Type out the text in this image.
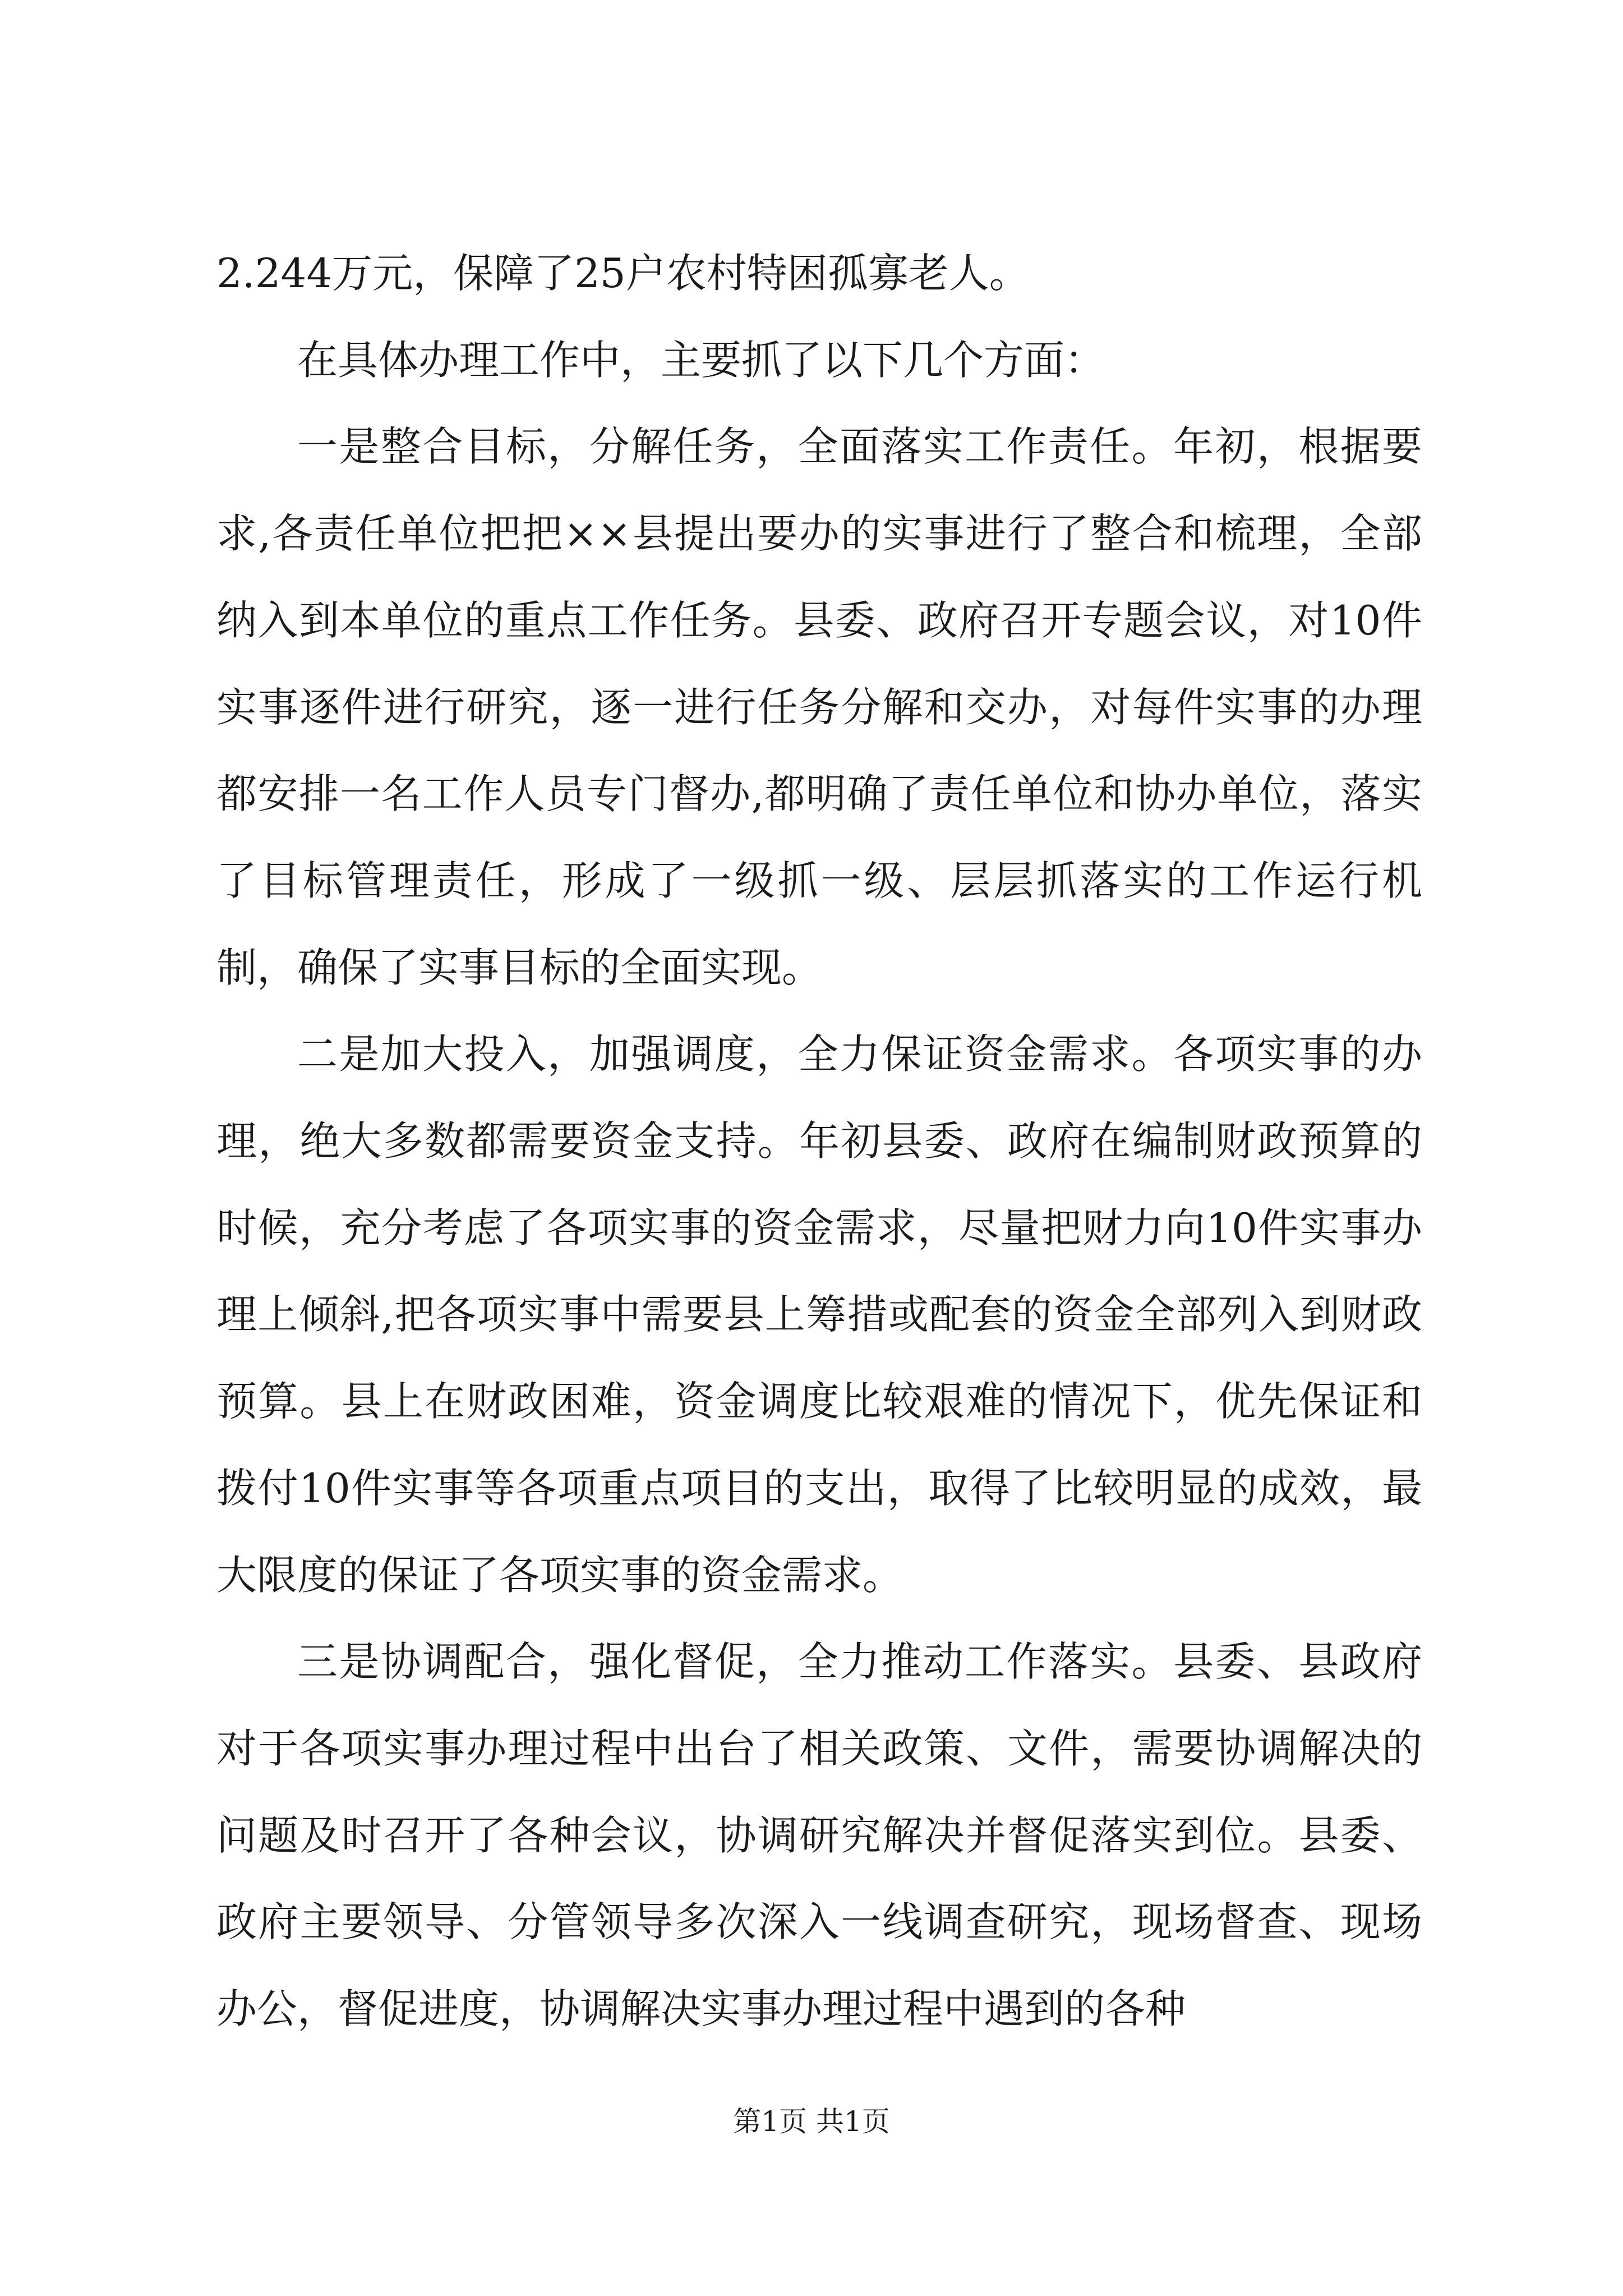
2.244万元，保障了25户农村特困孤寡老人。

在具体办理工作中，主要抓了以下几个方面：

一是整合目标，分解任务，全面落实工作责任。年初，根据要求,各责任单位把把××县提出要办的实事进行了整合和梳理，全部纳入到本单位的重点工作任务。县委、政府召开专题会议，对10件实事逐件进行研究，逐一进行任务分解和交办，对每件实事的办理都安排一名工作人员专门督办,都明确了责任单位和协办单位，落实了目标管理责任，形成了一级抓一级、层层抓落实的工作运行机制，确保了实事目标的全面实现。

二是加大投入，加强调度，全力保证资金需求。各项实事的办理，绝大多数都需要资金支持。年初县委、政府在编制财政预算的时候，充分考虑了各项实事的资金需求，尽量把财力向10件实事办理上倾斜,把各项实事中需要县上筹措或配套的资金全部列入到财政预算。县上在财政困难，资金调度比较艰难的情况下，优先保证和拨付10件实事等各项重点项目的支出，取得了比较明显的成效，最大限度的保证了各项实事的资金需求。

三是协调配合，强化督促，全力推动工作落实。县委、县政府对于各项实事办理过程中出台了相关政策、文件，需要协调解决的问题及时召开了各种会议，协调研究解决并督促落实到位。县委、政府主要领导、分管领导多次深入一线调查研究，现场督查、现场办公，督促进度，协调解决实事办理过程中遇到的各种

第1页 共1页
